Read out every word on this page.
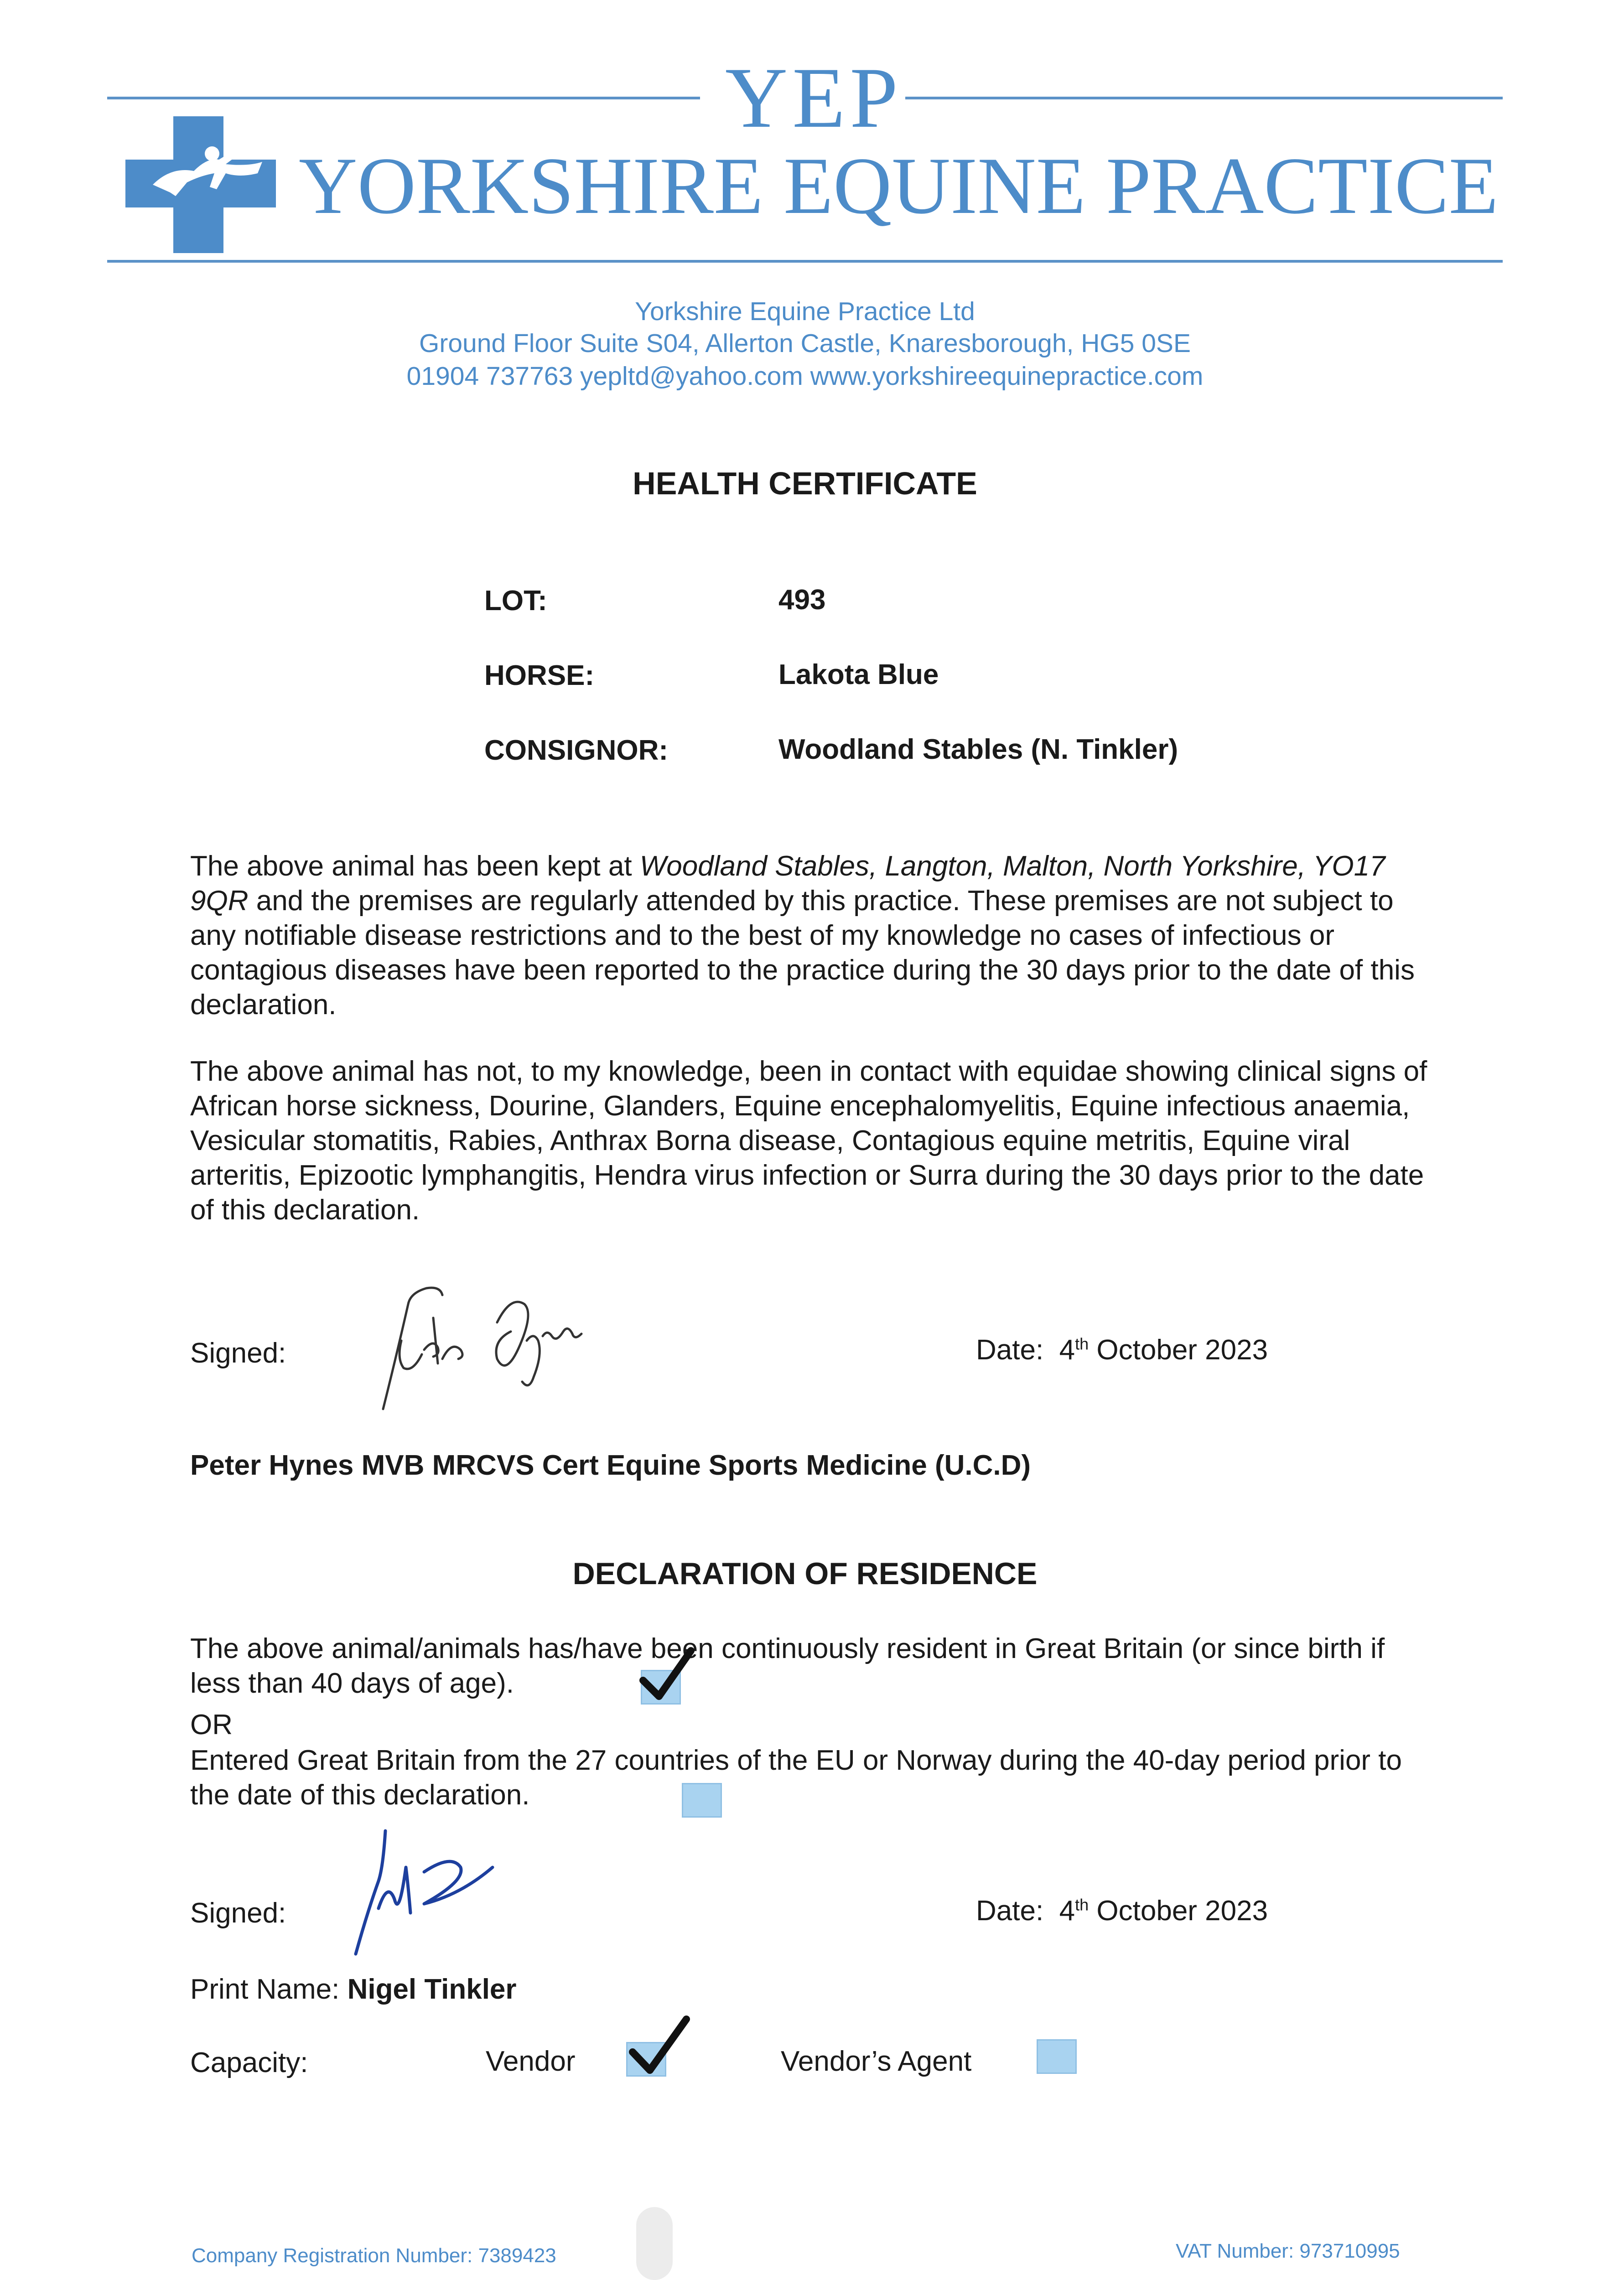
YEP
YORKSHIRE EQUINE PRACTICE
Yorkshire Equine Practice Ltd
Ground Floor Suite S04, Allerton Castle, Knaresborough, HG5 0SE
01904 737763 yepltd@yahoo.com www.yorkshireequinepractice.com
HEALTH CERTIFICATE
LOT:	493
HORSE:	Lakota Blue
CONSIGNOR:	Woodland Stables (N. Tinkler)
The above animal has been kept at Woodland Stables, Langton, Malton, North Yorkshire, YO17 9QR and the premises are regularly attended by this practice. These premises are not subject to any notifiable disease restrictions and to the best of my knowledge no cases of infectious or contagious diseases have been reported to the practice during the 30 days prior to the date of this declaration.
The above animal has not, to my knowledge, been in contact with equidae showing clinical signs of African horse sickness, Dourine, Glanders, Equine encephalomyelitis, Equine infectious anaemia, Vesicular stomatitis, Rabies, Anthrax Borna disease, Contagious equine metritis, Equine viral arteritis, Epizootic lymphangitis, Hendra virus infection or Surra during the 30 days prior to the date of this declaration.
Signed:	Date: 4th October 2023
Peter Hynes MVB MRCVS Cert Equine Sports Medicine (U.C.D)
DECLARATION OF RESIDENCE
The above animal/animals has/have been continuously resident in Great Britain (or since birth if less than 40 days of age).
OR
Entered Great Britain from the 27 countries of the EU or Norway during the 40-day period prior to the date of this declaration.
Signed:	Date: 4th October 2023
Print Name: Nigel Tinkler
Capacity:	Vendor	Vendor’s Agent
Company Registration Number: 7389423	VAT Number: 973710995
